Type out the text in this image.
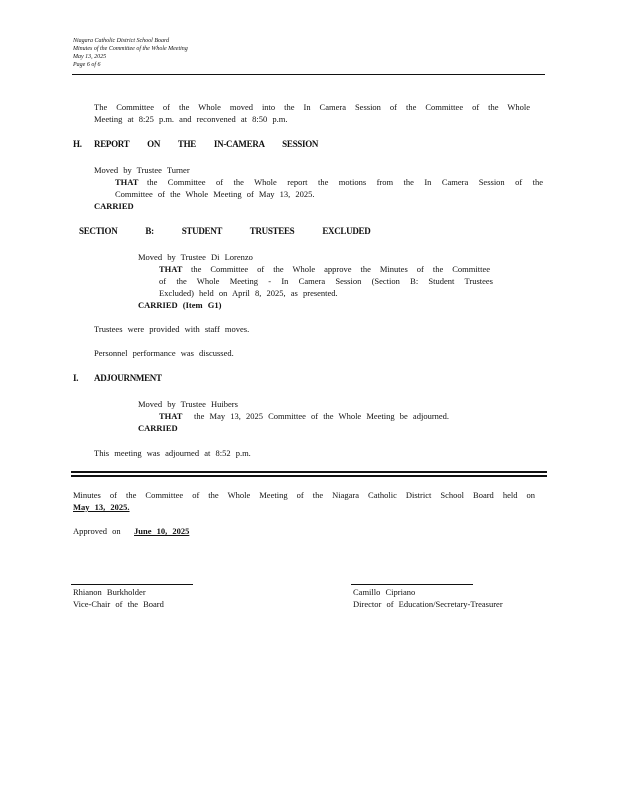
Niagara Catholic District School Board
Minutes of the Committee of the Whole Meeting
May 13, 2025
Page 6 of 6
The Committee of the Whole moved into the In Camera Session of the Committee of the Whole
Meeting at 8:25 p.m. and reconvened at 8:50 p.m.
H. REPORT ON THE IN-CAMERA SESSION
Moved by Trustee Turner
THAT the Committee of the Whole report the motions from the In Camera Session of the
Committee of the Whole Meeting of May 13, 2025.
CARRIED
SECTION B: STUDENT TRUSTEES EXCLUDED
Moved by Trustee Di Lorenzo
THAT the Committee of the Whole approve the Minutes of the Committee
of the Whole Meeting - In Camera Session (Section B: Student Trustees
Excluded) held on April 8, 2025, as presented.
CARRIED (Item G1)
Trustees were provided with staff moves.
Personnel performance was discussed.
I. ADJOURNMENT
Moved by Trustee Huibers
THAT the May 13, 2025 Committee of the Whole Meeting be adjourned.
CARRIED
This meeting was adjourned at 8:52 p.m.
Minutes of the Committee of the Whole Meeting of the Niagara Catholic District School Board held on
May 13, 2025.
Approved on June 10, 2025
Rhianon Burkholder
Vice-Chair of the Board
Camillo Cipriano
Director of Education/Secretary-Treasurer
